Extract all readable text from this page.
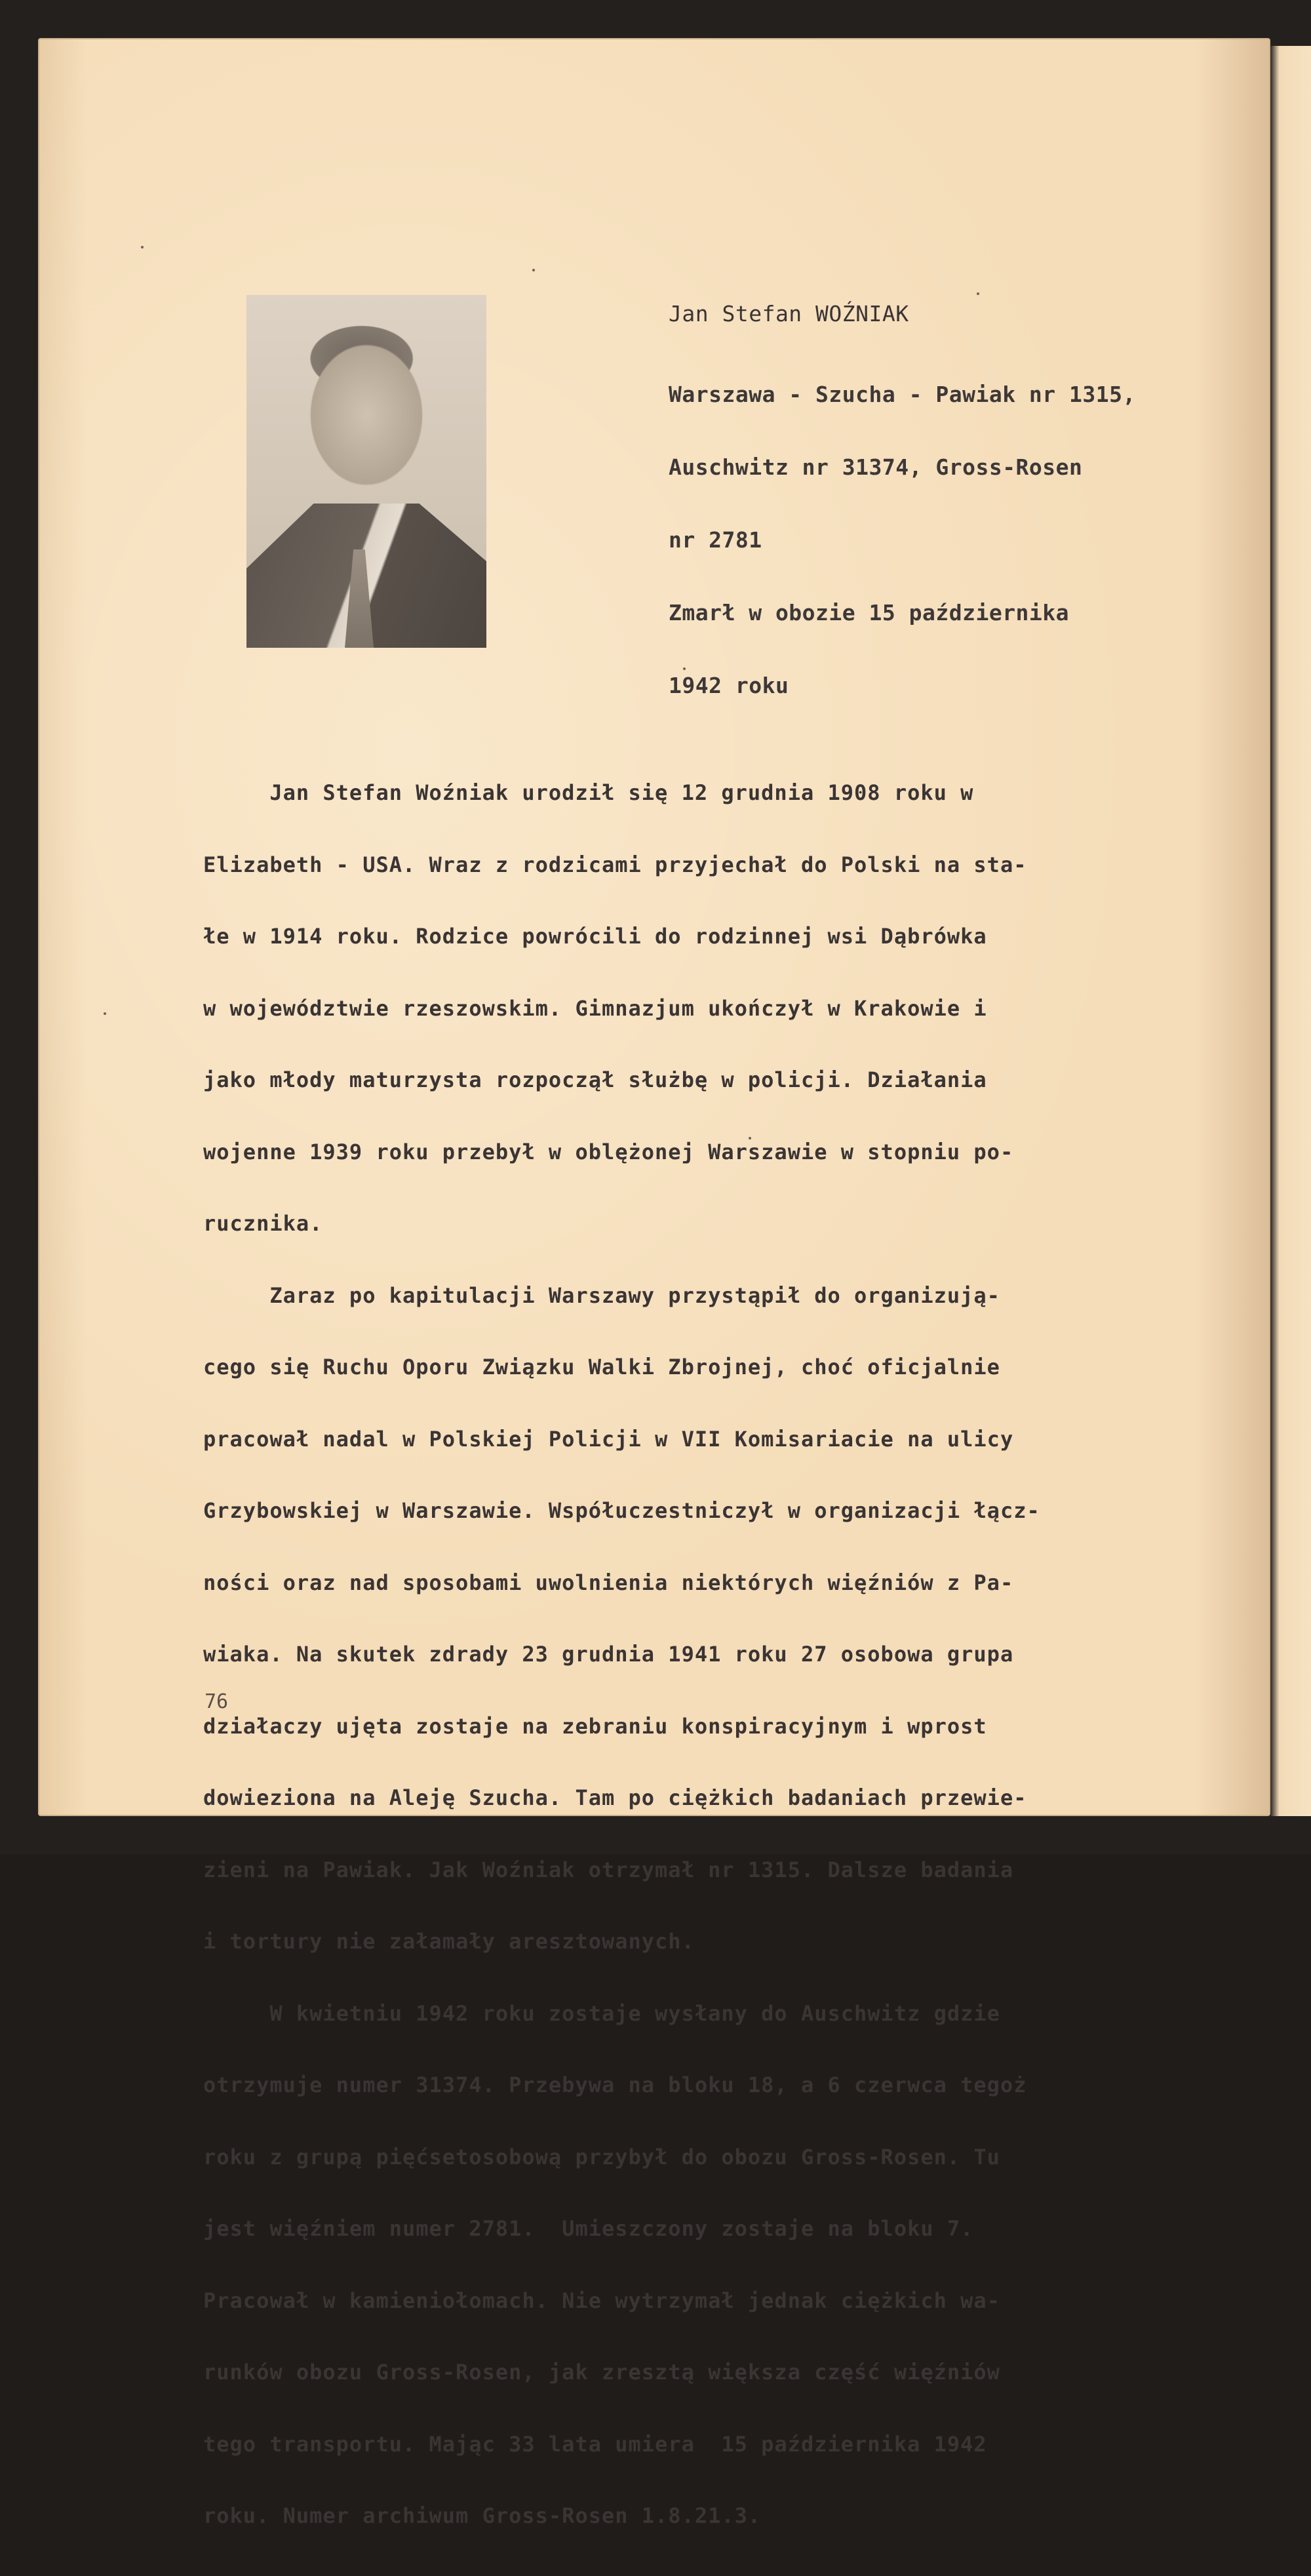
Jan Stefan WOŹNIAK

Warszawa - Szucha - Pawiak nr 1315,

Auschwitz nr 31374, Gross-Rosen

nr 2781

Zmarł w obozie 15 października

1942 roku

Jan Stefan Woźniak urodził się 12 grudnia 1908 roku w

Elizabeth - USA. Wraz z rodzicami przyjechał do Polski na sta-

łe w 1914 roku. Rodzice powrócili do rodzinnej wsi Dąbrówka

w województwie rzeszowskim. Gimnazjum ukończył w Krakowie i

jako młody maturzysta rozpoczął służbę w policji. Działania

wojenne 1939 roku przebył w oblężonej Warszawie w stopniu po-

rucznika.

Zaraz po kapitulacji Warszawy przystąpił do organizują-

cego się Ruchu Oporu Związku Walki Zbrojnej, choć oficjalnie

pracował nadal w Polskiej Policji w VII Komisariacie na ulicy

Grzybowskiej w Warszawie. Współuczestniczył w organizacji łącz-

ności oraz nad sposobami uwolnienia niektórych więźniów z Pa-

wiaka. Na skutek zdrady 23 grudnia 1941 roku 27 osobowa grupa

działaczy ujęta zostaje na zebraniu konspiracyjnym i wprost

dowieziona na Aleję Szucha. Tam po ciężkich badaniach przewie-

zieni na Pawiak. Jak Woźniak otrzymał nr 1315. Dalsze badania

i tortury nie załamały aresztowanych.

W kwietniu 1942 roku zostaje wysłany do Auschwitz gdzie

otrzymuje numer 31374. Przebywa na bloku 18, a 6 czerwca tegoż

roku z grupą pięćsetosobową przybył do obozu Gross-Rosen. Tu

jest więźniem numer 2781.  Umieszczony zostaje na bloku 7.

Pracował w kamieniołomach. Nie wytrzymał jednak ciężkich wa-

runków obozu Gross-Rosen, jak zresztą większa część więźniów

tego transportu. Mając 33 lata umiera  15 października 1942

roku. Numer archiwum Gross-Rosen 1.8.21.3.

76
